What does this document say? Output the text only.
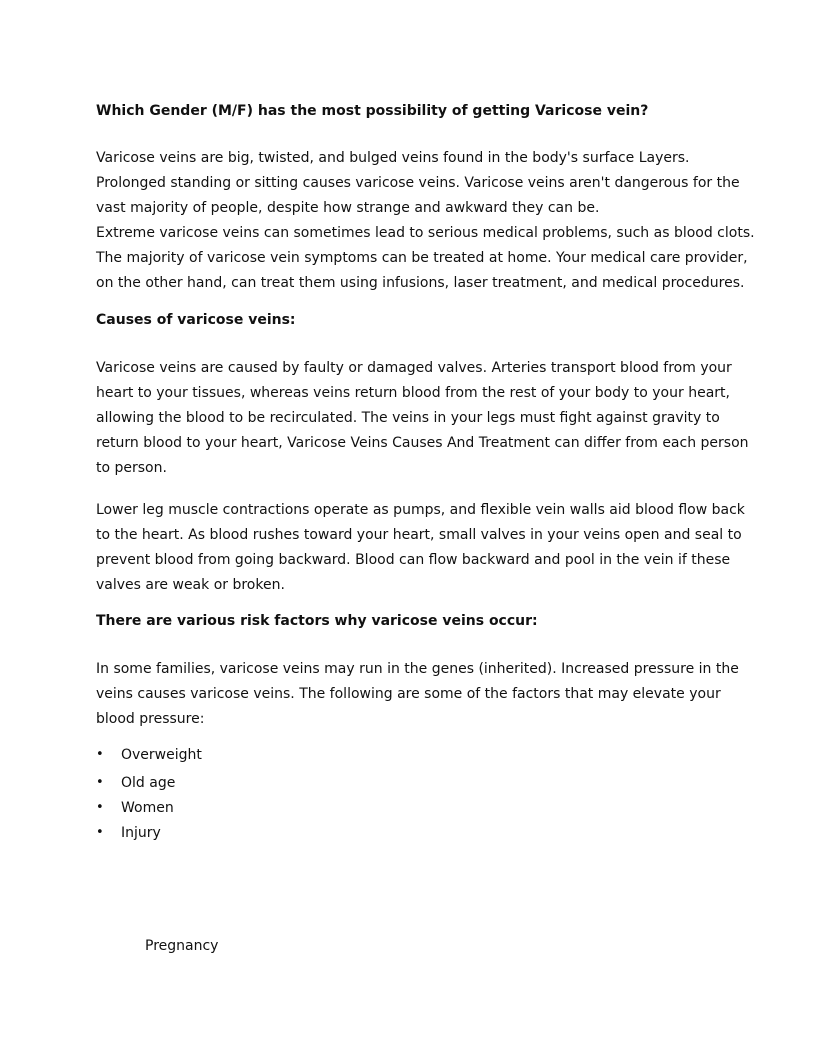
Which Gender (M/F) has the most possibility of getting Varicose vein?

Varicose veins are big, twisted, and bulged veins found in the body's surface Layers.
Prolonged standing or sitting causes varicose veins. Varicose veins aren't dangerous for the
vast majority of people, despite how strange and awkward they can be.
Extreme varicose veins can sometimes lead to serious medical problems, such as blood clots.
The majority of varicose vein symptoms can be treated at home. Your medical care provider,
on the other hand, can treat them using infusions, laser treatment, and medical procedures.

Causes of varicose veins:

Varicose veins are caused by faulty or damaged valves. Arteries transport blood from your
heart to your tissues, whereas veins return blood from the rest of your body to your heart,
allowing the blood to be recirculated. The veins in your legs must fight against gravity to
return blood to your heart, Varicose Veins Causes And Treatment can differ from each person
to person.

Lower leg muscle contractions operate as pumps, and flexible vein walls aid blood flow back
to the heart. As blood rushes toward your heart, small valves in your veins open and seal to
prevent blood from going backward. Blood can flow backward and pool in the vein if these
valves are weak or broken.

There are various risk factors why varicose veins occur:

In some families, varicose veins may run in the genes (inherited). Increased pressure in the
veins causes varicose veins. The following are some of the factors that may elevate your
blood pressure:

• Overweight
• Old age
• Women
• Injury

Pregnancy
